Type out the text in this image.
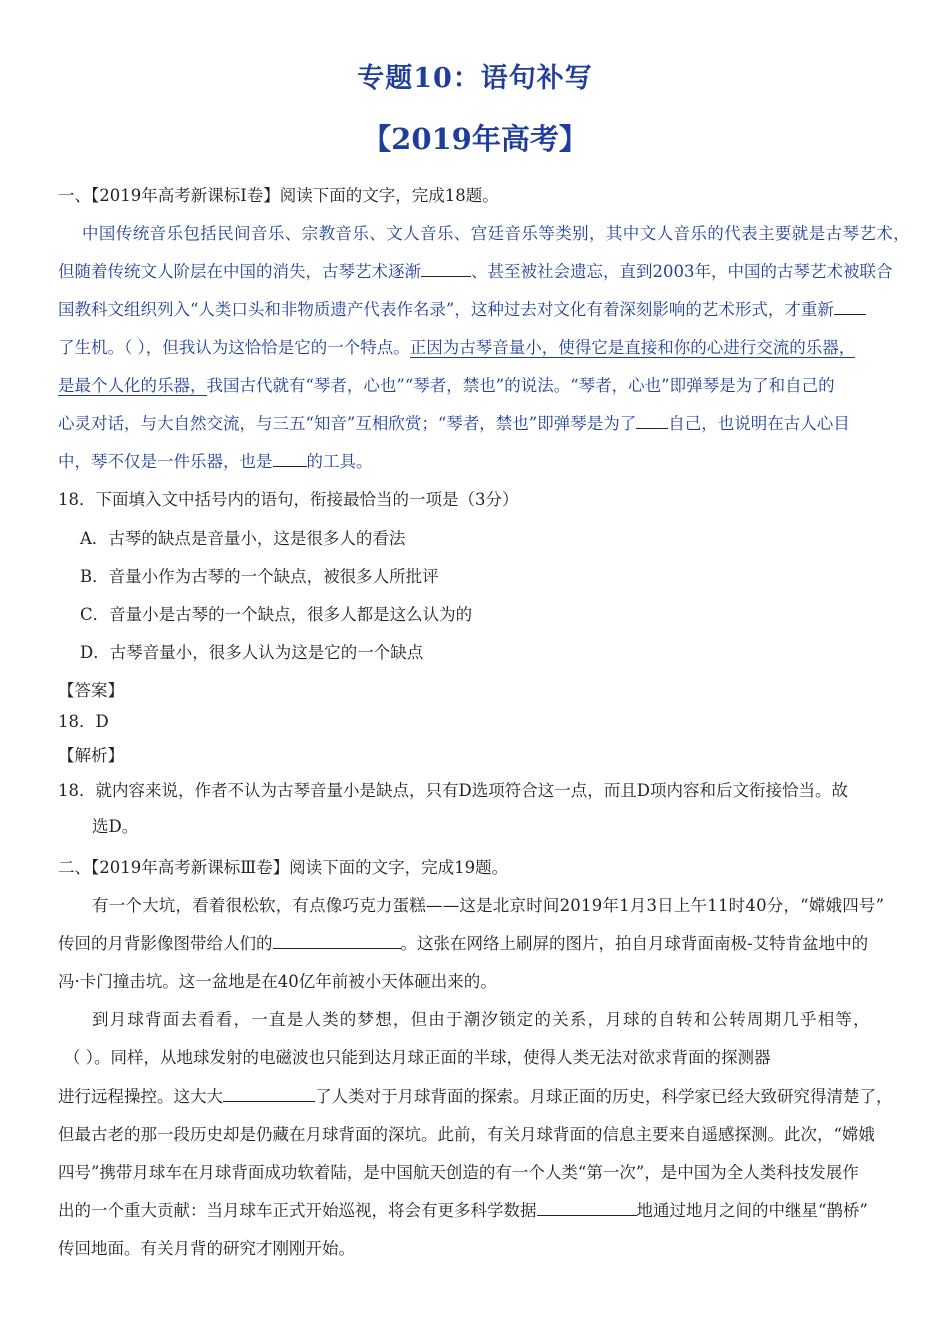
专题10：语句补写
【2019年高考】
一、【2019年高考新课标Ⅰ卷】阅读下面的文字，完成18题。
中国传统音乐包括民间音乐、宗教音乐、文人音乐、宫廷音乐等类别，其中文人音乐的代表主要就是古琴艺术，
但随着传统文人阶层在中国的消失，古琴艺术逐渐	、甚至被社会遗忘，直到2003年，中国的古琴艺术被联合
国教科文组织列入“人类口头和非物质遗产代表作名录”，这种过去对文化有着深刻影响的艺术形式，才重新
了生机。（ ），但我认为这恰恰是它的一个特点。正因为古琴音量小，使得它是直接和你的心进行交流的乐器，
是最个人化的乐器，我国古代就有“琴者，心也”“琴者，禁也”的说法。“琴者，心也”即弹琴是为了和自己的
心灵对话，与大自然交流，与三五“知音”互相欣赏；“琴者，禁也”即弹琴是为了 自己，也说明在古人心目
中，琴不仅是一件乐器，也是 的工具。
18．下面填入文中括号内的语句，衔接最恰当的一项是（3分）
A．古琴的缺点是音量小，这是很多人的看法
B．音量小作为古琴的一个缺点，被很多人所批评
C．音量小是古琴的一个缺点，很多人都是这么认为的
D．古琴音量小，很多人认为这是它的一个缺点
【答案】
18．D
【解析】
18．就内容来说，作者不认为古琴音量小是缺点，只有D选项符合这一点，而且D项内容和后文衔接恰当。故
选D。
二、【2019年高考新课标Ⅲ卷】阅读下面的文字，完成19题。
有一个大坑，看着很松软，有点像巧克力蛋糕——这是北京时间2019年1月3日上午11时40分，“嫦娥四号”
传回的月背影像图带给人们的	。这张在网络上刷屏的图片，拍自月球背面南极-艾特肯盆地中的
冯·卡门撞击坑。这一盆地是在40亿年前被小天体砸出来的。
到月球背面去看看，一直是人类的梦想，但由于潮汐锁定的关系，月球的自转和公转周期几乎相等，
（ ）。同样，从地球发射的电磁波也只能到达月球正面的半球，使得人类无法对欲求背面的探测器
进行远程操控。这大大	了人类对于月球背面的探索。月球正面的历史，科学家已经大致研究得清楚了，
但最古老的那一段历史却是仍藏在月球背面的深坑。此前，有关月球背面的信息主要来自遥感探测。此次，“嫦娥
四号”携带月球车在月球背面成功软着陆，是中国航天创造的有一个人类“第一次”，是中国为全人类科技发展作
出的一个重大贡献：当月球车正式开始巡视，将会有更多科学数据	地通过地月之间的中继星“鹊桥”
传回地面。有关月背的研究才刚刚开始。
